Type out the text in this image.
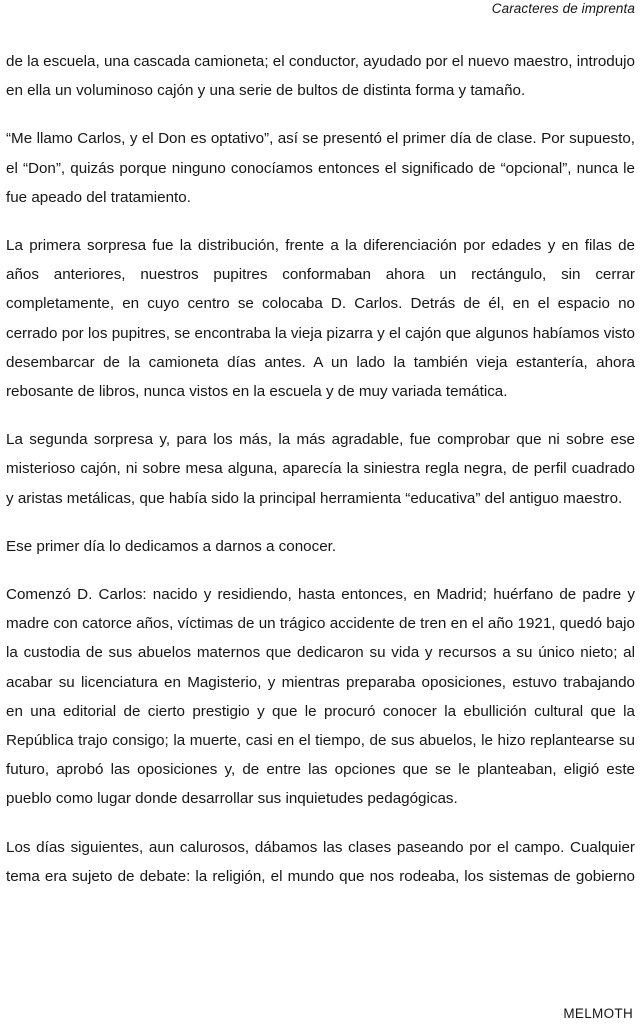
Caracteres de imprenta

de la escuela, una cascada camioneta; el conductor, ayudado por el nuevo maestro, introdujo en ella un voluminoso cajón y una serie de bultos de distinta forma y tamaño.

“Me llamo Carlos, y el Don es optativo”, así se presentó el primer día de clase. Por supuesto, el “Don”, quizás porque ninguno conocíamos entonces el significado de “opcional”, nunca le fue apeado del tratamiento.

La primera sorpresa fue la distribución, frente a la diferenciación por edades y en filas de años anteriores, nuestros pupitres conformaban ahora un rectángulo, sin cerrar completamente, en cuyo centro se colocaba D. Carlos. Detrás de él, en el espacio no cerrado por los pupitres, se encontraba la vieja pizarra y el cajón que algunos habíamos visto desembarcar de la camioneta días antes. A un lado la también vieja estantería, ahora rebosante de libros, nunca vistos en la escuela y de muy variada temática.

La segunda sorpresa y, para los más, la más agradable, fue comprobar que ni sobre ese misterioso cajón, ni sobre mesa alguna, aparecía la siniestra regla negra, de perfil cuadrado y aristas metálicas, que había sido la principal herramienta “educativa” del antiguo maestro.

Ese primer día lo dedicamos a darnos a conocer.

Comenzó D. Carlos: nacido y residiendo, hasta entonces, en Madrid; huérfano de padre y madre con catorce años, víctimas de un trágico accidente de tren en el año 1921, quedó bajo la custodia de sus abuelos maternos que dedicaron su vida y recursos a su único nieto; al acabar su licenciatura en Magisterio, y mientras preparaba oposiciones, estuvo trabajando en una editorial de cierto prestigio y que le procuró conocer la ebullición cultural que la República trajo consigo; la muerte, casi en el tiempo, de sus abuelos, le hizo replantearse su futuro, aprobó las oposiciones y, de entre las opciones que se le planteaban, eligió este pueblo como lugar donde desarrollar sus inquietudes pedagógicas.

Los días siguientes, aun calurosos, dábamos las clases paseando por el campo. Cualquier tema era sujeto de debate: la religión, el mundo que nos rodeaba, los sistemas de gobierno

MELMOTH
